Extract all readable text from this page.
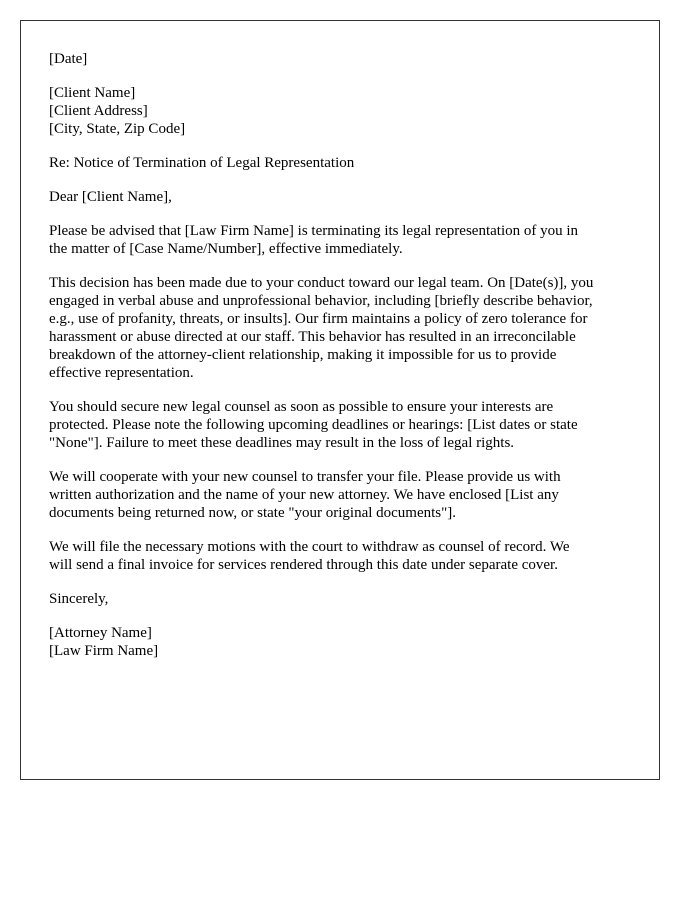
[Date]
[Client Name]
[Client Address]
[City, State, Zip Code]
Re: Notice of Termination of Legal Representation
Dear [Client Name],
Please be advised that [Law Firm Name] is terminating its legal representation of you in
the matter of [Case Name/Number], effective immediately.
This decision has been made due to your conduct toward our legal team. On [Date(s)], you
engaged in verbal abuse and unprofessional behavior, including [briefly describe behavior,
e.g., use of profanity, threats, or insults]. Our firm maintains a policy of zero tolerance for
harassment or abuse directed at our staff. This behavior has resulted in an irreconcilable
breakdown of the attorney-client relationship, making it impossible for us to provide
effective representation.
You should secure new legal counsel as soon as possible to ensure your interests are
protected. Please note the following upcoming deadlines or hearings: [List dates or state
"None"]. Failure to meet these deadlines may result in the loss of legal rights.
We will cooperate with your new counsel to transfer your file. Please provide us with
written authorization and the name of your new attorney. We have enclosed [List any
documents being returned now, or state "your original documents"].
We will file the necessary motions with the court to withdraw as counsel of record. We
will send a final invoice for services rendered through this date under separate cover.
Sincerely,
[Attorney Name]
[Law Firm Name]
